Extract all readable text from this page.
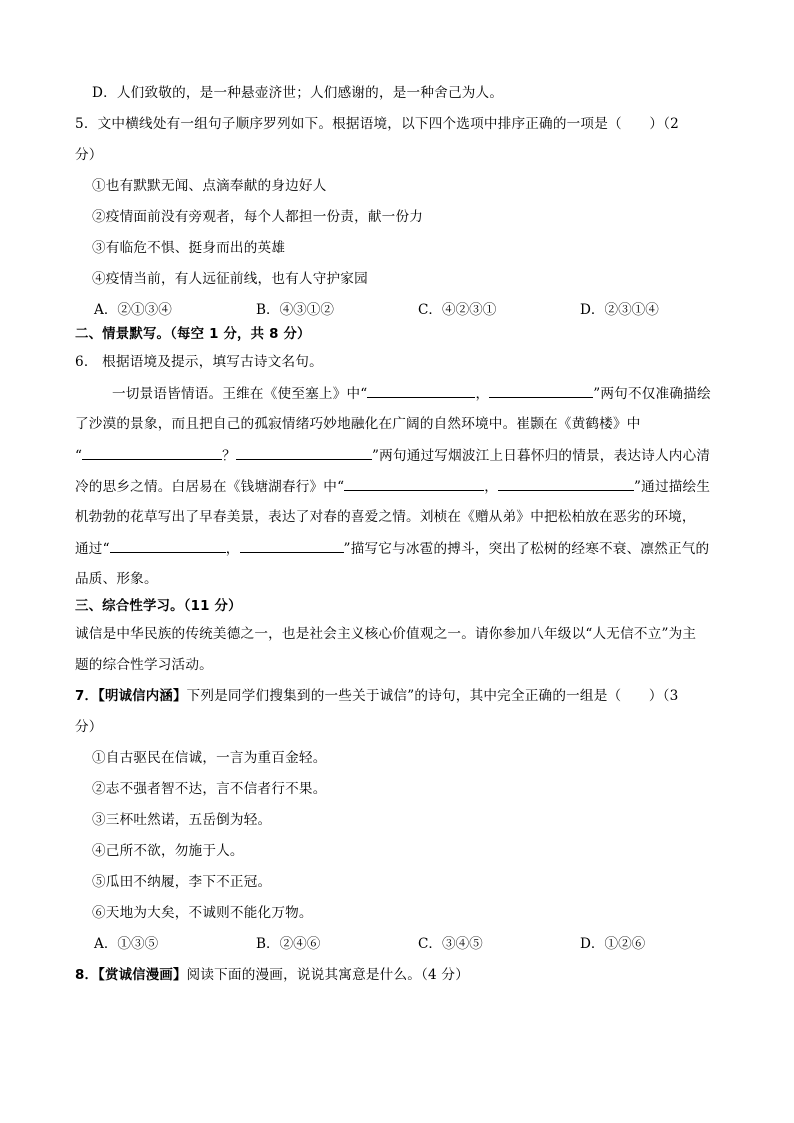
D．人们致敬的，是一种悬壶济世；人们感谢的，是一种舍己为人。
5．文中横线处有一组句子顺序罗列如下。根据语境，以下四个选项中排序正确的一项是（　　）（2
分）
①也有默默无闻、点滴奉献的身边好人
②疫情面前没有旁观者，每个人都担一份责，献一份力
③有临危不惧、挺身而出的英雄
④疫情当前，有人远征前线，也有人守护家园
A．②①③④	B．④③①②	C．④②③①	D．②③①④
二、情景默写。（每空 1 分，共 8 分）
6． 根据语境及提示，填写古诗文名句。
一切景语皆情语。王维在《使至塞上》中“	，	”两句不仅准确描绘
了沙漠的景象，而且把自己的孤寂情绪巧妙地融化在广阔的自然环境中。崔颢在《黄鹤楼》中
“	？	”两句通过写烟波江上日暮怀归的情景，表达诗人内心清
冷的思乡之情。白居易在《钱塘湖春行》中“	，	”通过描绘生
机勃勃的花草写出了早春美景，表达了对春的喜爱之情。刘桢在《赠从弟》中把松柏放在恶劣的环境，
通过“	，	”描写它与冰雹的搏斗，突出了松树的经寒不衰、凛然正气的
品质、形象。
三、综合性学习。（11 分）
诚信是中华民族的传统美德之一，也是社会主义核心价值观之一。请你参加八年级以“人无信不立”为主
题的综合性学习活动。
7．【明诚信内涵】下列是同学们搜集到的一些关于诚信”的诗句，其中完全正确的一组是（　　）（3
分）
①自古驱民在信诚，一言为重百金轻。
②志不强者智不达，言不信者行不果。
③三杯吐然诺，五岳倒为轻。
④己所不欲，勿施于人。
⑤瓜田不纳履，李下不正冠。
⑥天地为大矣，不诚则不能化万物。
A．①③⑤	B．②④⑥	C．③④⑤	D．①②⑥
8．【赏诚信漫画】阅读下面的漫画，说说其寓意是什么。（4 分）
